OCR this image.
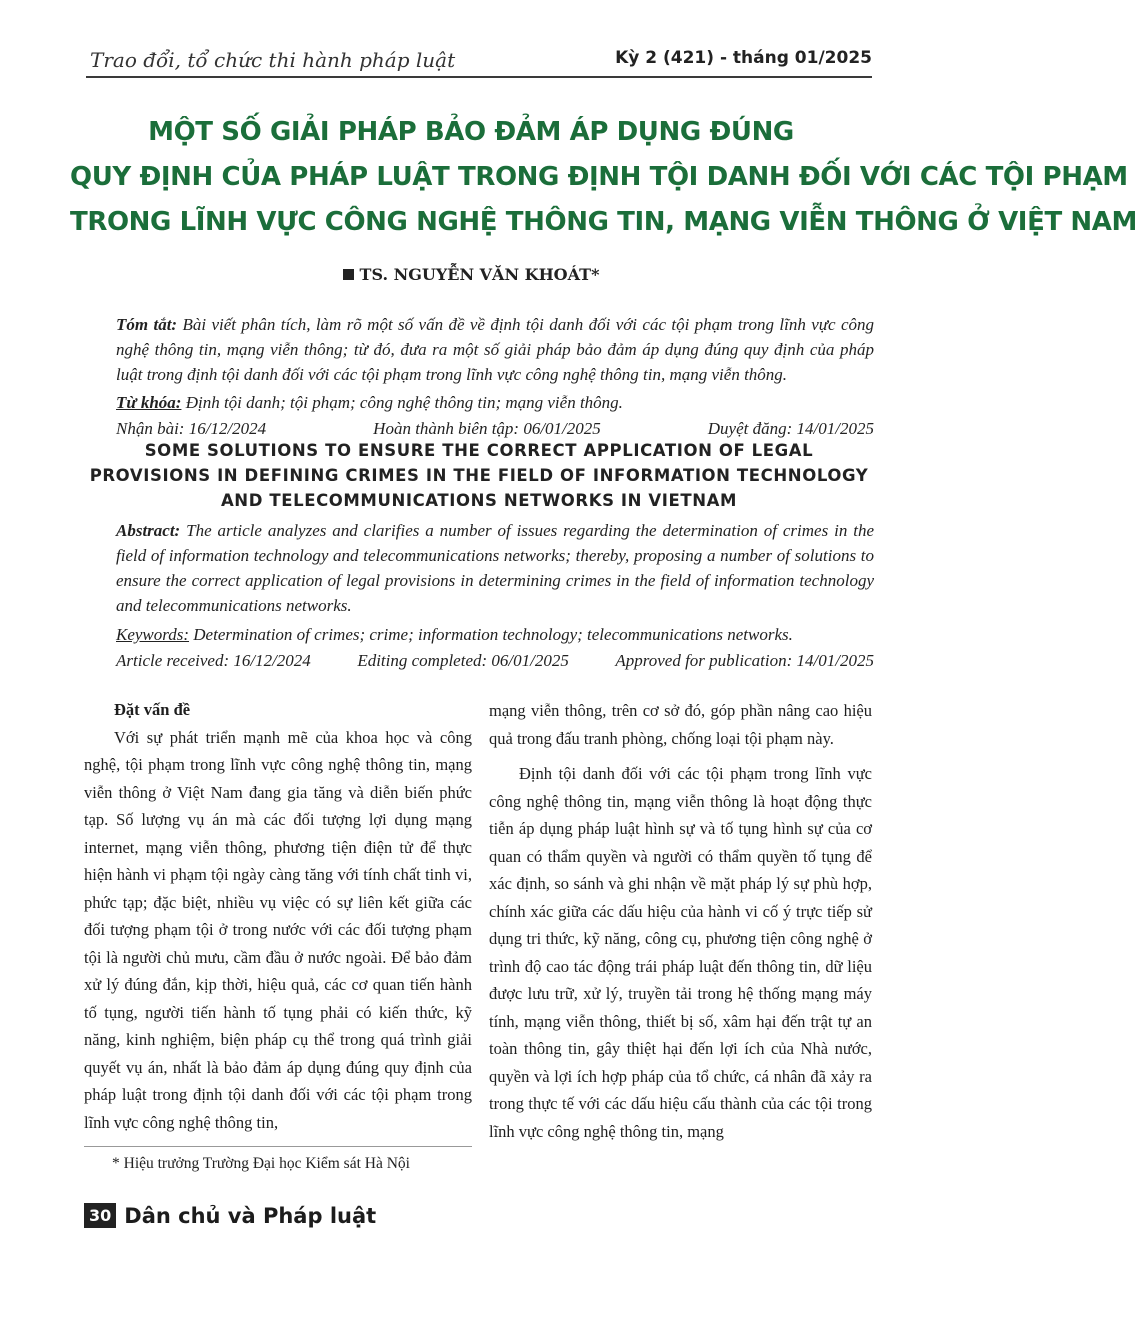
Trao đổi, tổ chức thi hành pháp luật	Kỳ 2 (421) - tháng 01/2025
MỘT SỐ GIẢI PHÁP BẢO ĐẢM ÁP DỤNG ĐÚNG
QUY ĐỊNH CỦA PHÁP LUẬT TRONG ĐỊNH TỘI DANH ĐỐI VỚI CÁC TỘI PHẠM
TRONG LĨNH VỰC CÔNG NGHỆ THÔNG TIN, MẠNG VIỄN THÔNG Ở VIỆT NAM
TS. NGUYỄN VĂN KHOÁT*
Tóm tắt: Bài viết phân tích, làm rõ một số vấn đề về định tội danh đối với các tội phạm trong lĩnh vực công nghệ thông tin, mạng viễn thông; từ đó, đưa ra một số giải pháp bảo đảm áp dụng đúng quy định của pháp luật trong định tội danh đối với các tội phạm trong lĩnh vực công nghệ thông tin, mạng viễn thông.
Từ khóa: Định tội danh; tội phạm; công nghệ thông tin; mạng viễn thông.
Nhận bài: 16/12/2024	Hoàn thành biên tập: 06/01/2025	Duyệt đăng: 14/01/2025
SOME SOLUTIONS TO ENSURE THE CORRECT APPLICATION OF LEGAL
PROVISIONS IN DEFINING CRIMES IN THE FIELD OF INFORMATION TECHNOLOGY
AND TELECOMMUNICATIONS NETWORKS IN VIETNAM
Abstract: The article analyzes and clarifies a number of issues regarding the determination of crimes in the field of information technology and telecommunications networks; thereby, proposing a number of solutions to ensure the correct application of legal provisions in determining crimes in the field of information technology and telecommunications networks.
Keywords: Determination of crimes; crime; information technology; telecommunications networks.
Article received: 16/12/2024	Editing completed: 06/01/2025	Approved for publication: 14/01/2025
Đặt vấn đề

Với sự phát triển mạnh mẽ của khoa học và công nghệ, tội phạm trong lĩnh vực công nghệ thông tin, mạng viễn thông ở Việt Nam đang gia tăng và diễn biến phức tạp. Số lượng vụ án mà các đối tượng lợi dụng mạng internet, mạng viễn thông, phương tiện điện tử để thực hiện hành vi phạm tội ngày càng tăng với tính chất tinh vi, phức tạp; đặc biệt, nhiều vụ việc có sự liên kết giữa các đối tượng phạm tội ở trong nước với các đối tượng phạm tội là người chủ mưu, cầm đầu ở nước ngoài. Để bảo đảm xử lý đúng đắn, kịp thời, hiệu quả, các cơ quan tiến hành tố tụng, người tiến hành tố tụng phải có kiến thức, kỹ năng, kinh nghiệm, biện pháp cụ thể trong quá trình giải quyết vụ án, nhất là bảo đảm áp dụng đúng quy định của pháp luật trong định tội danh đối với các tội phạm trong lĩnh vực công nghệ thông tin,

mạng viễn thông, trên cơ sở đó, góp phần nâng cao hiệu quả trong đấu tranh phòng, chống loại tội phạm này.

Định tội danh đối với các tội phạm trong lĩnh vực công nghệ thông tin, mạng viễn thông là hoạt động thực tiễn áp dụng pháp luật hình sự và tố tụng hình sự của cơ quan có thẩm quyền và người có thẩm quyền tố tụng để xác định, so sánh và ghi nhận về mặt pháp lý sự phù hợp, chính xác giữa các dấu hiệu của hành vi cố ý trực tiếp sử dụng tri thức, kỹ năng, công cụ, phương tiện công nghệ ở trình độ cao tác động trái pháp luật đến thông tin, dữ liệu được lưu trữ, xử lý, truyền tải trong hệ thống mạng máy tính, mạng viễn thông, thiết bị số, xâm hại đến trật tự an toàn thông tin, gây thiệt hại đến lợi ích của Nhà nước, quyền và lợi ích hợp pháp của tổ chức, cá nhân đã xảy ra trong thực tế với các dấu hiệu cấu thành của các tội trong lĩnh vực công nghệ thông tin, mạng

* Hiệu trưởng Trường Đại học Kiểm sát Hà Nội
30 Dân chủ và Pháp luật
